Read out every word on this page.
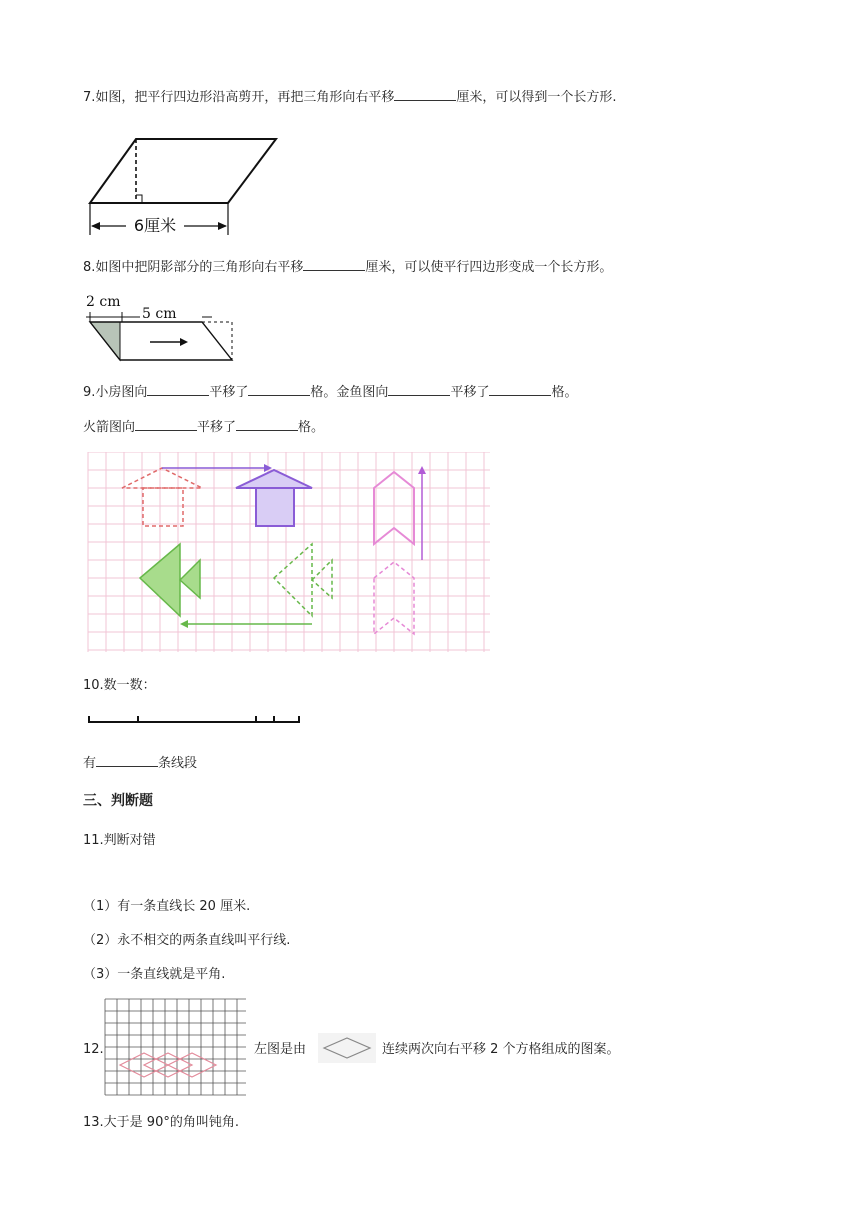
7.如图，把平行四边形沿高剪开，再把三角形向右平移	厘米，可以得到一个长方形.
6厘米
8.如图中把阴影部分的三角形向右平移	厘米，可以使平行四边形变成一个长方形。
2 cm
5 cm
9.小房图向	平移了	格。金鱼图向	平移了	格。
火箭图向	平移了	格。
10.数一数：
有	条线段
三、判断题
11.判断对错
（1）有一条直线长 20 厘米.
（2）永不相交的两条直线叫平行线.
（3）一条直线就是平角.
12.	左图是由	连续两次向右平移 2 个方格组成的图案。
13.大于是 90°的角叫钝角.
